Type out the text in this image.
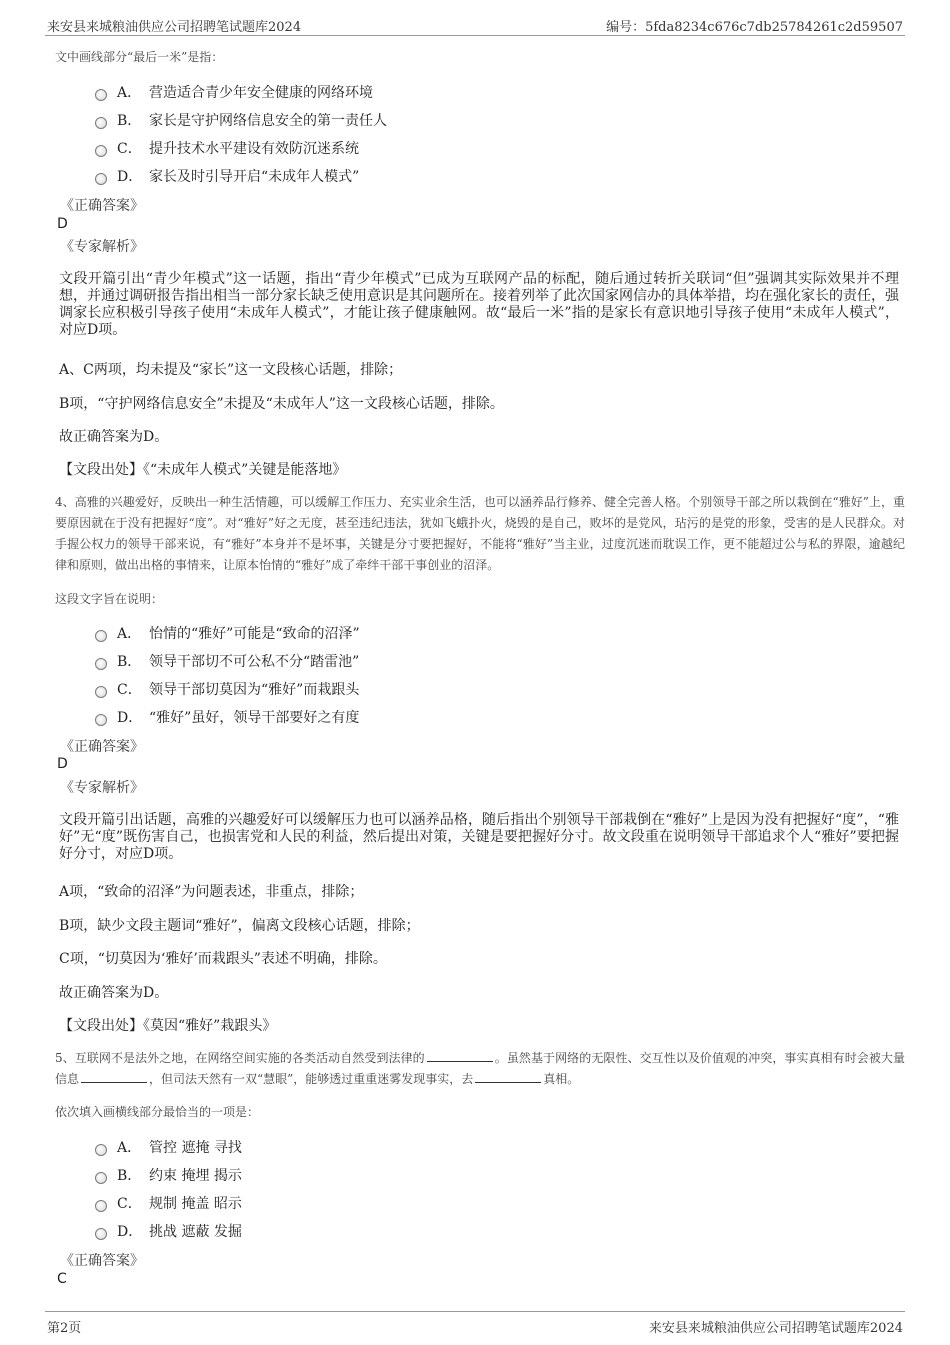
来安县来城粮油供应公司招聘笔试题库2024	编号：5fda8234c676c7db25784261c2d59507
文中画线部分“最后一米”是指：
A． 营造适合青少年安全健康的网络环境
B． 家长是守护网络信息安全的第一责任人
C． 提升技术水平建设有效防沉迷系统
D． 家长及时引导开启“未成年人模式”
《正确答案》
D
《专家解析》
文段开篇引出“青少年模式”这一话题，指出“青少年模式”已成为互联网产品的标配，随后通过转折关联词“但”强调其实际效果并不理想，并通过调研报告指出相当一部分家长缺乏使用意识是其问题所在。接着列举了此次国家网信办的具体举措，均在强化家长的责任，强调家长应积极引导孩子使用“未成年人模式”，才能让孩子健康触网。故“最后一米”指的是家长有意识地引导孩子使用“未成年人模式”，对应D项。
A、C两项，均未提及“家长”这一文段核心话题，排除；
B项，“守护网络信息安全”未提及“未成年人”这一文段核心话题，排除。
故正确答案为D。
【文段出处】《“未成年人模式”关键是能落地》
4、高雅的兴趣爱好，反映出一种生活情趣，可以缓解工作压力、充实业余生活，也可以涵养品行修养、健全完善人格。个别领导干部之所以栽倒在“雅好”上，重要原因就在于没有把握好“度”。对“雅好”好之无度，甚至违纪违法，犹如飞蛾扑火，烧毁的是自己，败坏的是党风，玷污的是党的形象，受害的是人民群众。对手握公权力的领导干部来说，有“雅好”本身并不是坏事，关键是分寸要把握好，不能将“雅好”当主业，过度沉迷而耽误工作，更不能超过公与私的界限，逾越纪律和原则，做出出格的事情来，让原本怡情的“雅好”成了牵绊干部干事创业的沼泽。
这段文字旨在说明：
A． 怡情的“雅好”可能是“致命的沼泽”
B． 领导干部切不可公私不分“踏雷池”
C． 领导干部切莫因为“雅好”而栽跟头
D． “雅好”虽好，领导干部要好之有度
《正确答案》
D
《专家解析》
文段开篇引出话题，高雅的兴趣爱好可以缓解压力也可以涵养品格，随后指出个别领导干部栽倒在“雅好”上是因为没有把握好“度”，“雅好”无“度”既伤害自己，也损害党和人民的利益，然后提出对策，关键是要把握好分寸。故文段重在说明领导干部追求个人“雅好”要把握好分寸，对应D项。
A项，“致命的沼泽”为问题表述，非重点，排除；
B项，缺少文段主题词“雅好”，偏离文段核心话题，排除；
C项，“切莫因为‘雅好’而栽跟头”表述不明确，排除。
故正确答案为D。
【文段出处】《莫因“雅好”栽跟头》
5、互联网不是法外之地，在网络空间实施的各类活动自然受到法律的	。虽然基于网络的无限性、交互性以及价值观的冲突，事实真相有时会被大量信息	，但司法天然有一双“慧眼”，能够透过重重迷雾发现事实，去	真相。
依次填入画横线部分最恰当的一项是：
A． 管控 遮掩 寻找
B． 约束 掩埋 揭示
C． 规制 掩盖 昭示
D． 挑战 遮蔽 发掘
《正确答案》
C
第2页	来安县来城粮油供应公司招聘笔试题库2024
